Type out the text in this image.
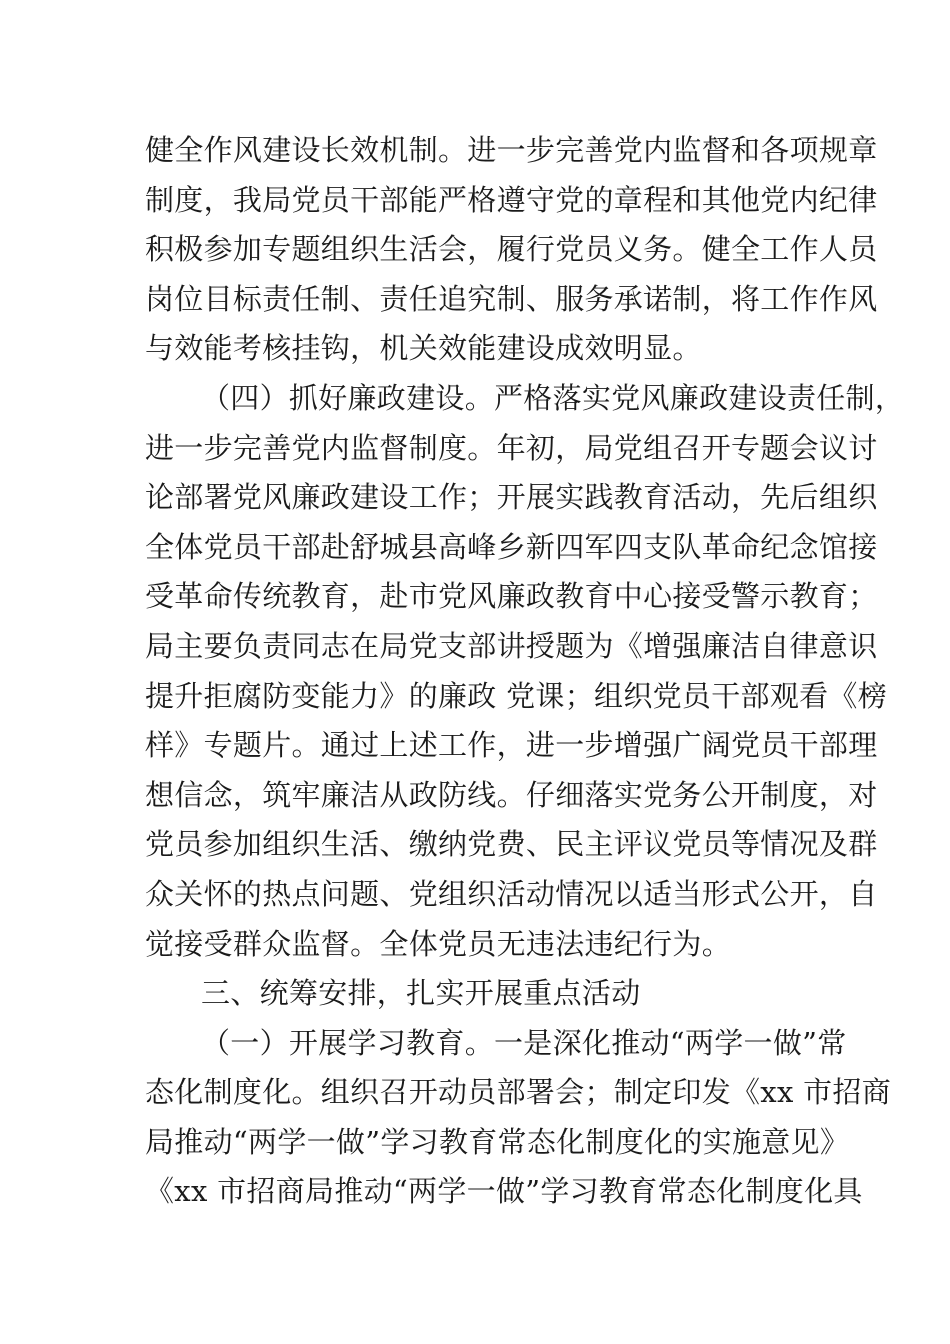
健全作风建设长效机制。进一步完善党内监督和各项规章
制度，我局党员干部能严格遵守党的章程和其他党内纪律
积极参加专题组织生活会，履行党员义务。健全工作人员
岗位目标责任制、责任追究制、服务承诺制，将工作作风
与效能考核挂钩，机关效能建设成效明显。
（四）抓好廉政建设。严格落实党风廉政建设责任制，
进一步完善党内监督制度。年初，局党组召开专题会议讨
论部署党风廉政建设工作；开展实践教育活动，先后组织
全体党员干部赴舒城县高峰乡新四军四支队革命纪念馆接
受革命传统教育，赴市党风廉政教育中心接受警示教育；
局主要负责同志在局党支部讲授题为《增强廉洁自律意识
提升拒腐防变能力》的廉政 党课；组织党员干部观看《榜
样》专题片。通过上述工作，进一步增强广阔党员干部理
想信念，筑牢廉洁从政防线。仔细落实党务公开制度，对
党员参加组织生活、缴纳党费、民主评议党员等情况及群
众关怀的热点问题、党组织活动情况以适当形式公开，自
觉接受群众监督。全体党员无违法违纪行为。
三、统筹安排，扎实开展重点活动
（一）开展学习教育。一是深化推动“两学一做”常
态化制度化。组织召开动员部署会；制定印发《xx 市招商
局推动“两学一做”学习教育常态化制度化的实施意见》
《xx 市招商局推动“两学一做”学习教育常态化制度化具
